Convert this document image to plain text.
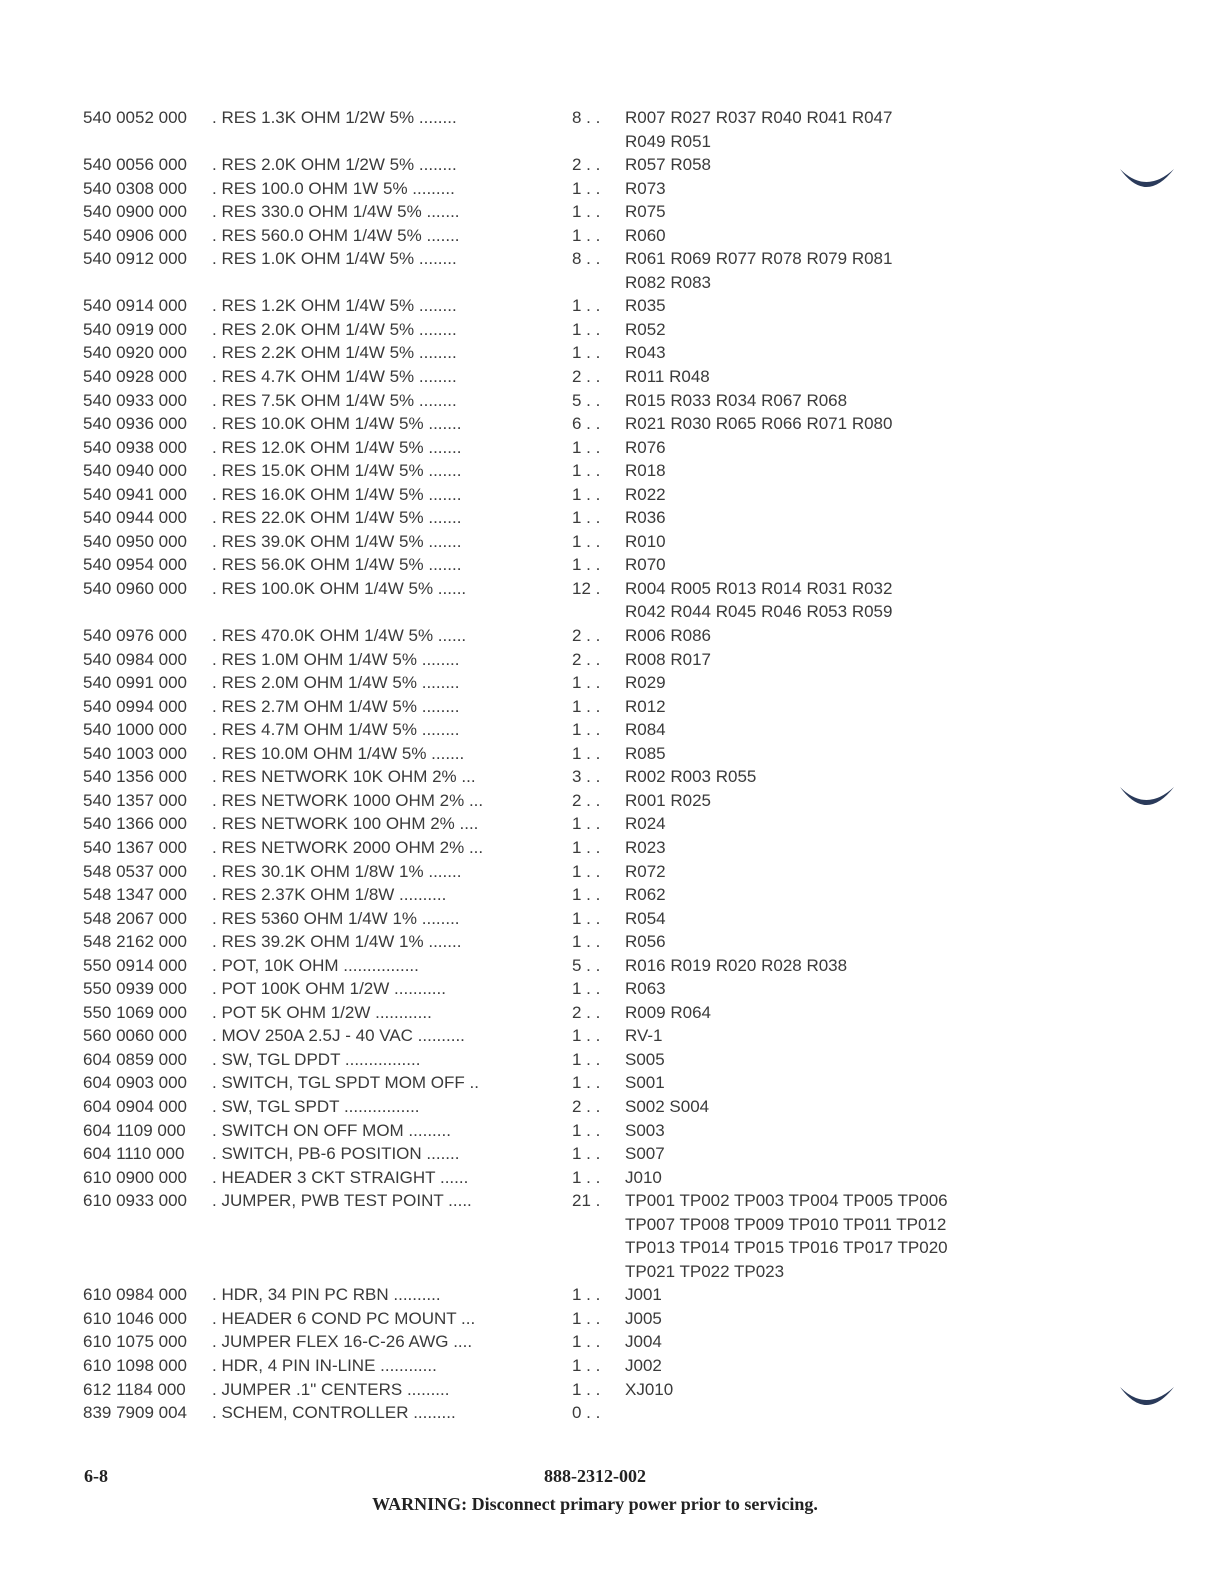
540 0052 000	. RES 1.3K OHM 1/2W 5% ........	8 . . R007 R027 R037 R040 R041 R047
R049 R051
540 0056 000	. RES 2.0K OHM 1/2W 5% ........	2 . . R057 R058
540 0308 000	. RES 100.0 OHM 1W 5% .........	1 . . R073
540 0900 000	. RES 330.0 OHM 1/4W 5% .......	1 . . R075
540 0906 000	. RES 560.0 OHM 1/4W 5% .......	1 . . R060
540 0912 000	. RES 1.0K OHM 1/4W 5% ........	8 . . R061 R069 R077 R078 R079 R081
R082 R083
540 0914 000	. RES 1.2K OHM 1/4W 5% ........	1 . . R035
540 0919 000	. RES 2.0K OHM 1/4W 5% ........	1 . . R052
540 0920 000	. RES 2.2K OHM 1/4W 5% ........	1 . . R043
540 0928 000	. RES 4.7K OHM 1/4W 5% ........	2 . . R011 R048
540 0933 000	. RES 7.5K OHM 1/4W 5% ........	5 . . R015 R033 R034 R067 R068
540 0936 000	. RES 10.0K OHM 1/4W 5% .......	6 . . R021 R030 R065 R066 R071 R080
540 0938 000	. RES 12.0K OHM 1/4W 5% .......	1 . . R076
540 0940 000	. RES 15.0K OHM 1/4W 5% .......	1 . . R018
540 0941 000	. RES 16.0K OHM 1/4W 5% .......	1 . . R022
540 0944 000	. RES 22.0K OHM 1/4W 5% .......	1 . . R036
540 0950 000	. RES 39.0K OHM 1/4W 5% .......	1 . . R010
540 0954 000	. RES 56.0K OHM 1/4W 5% .......	1 . . R070
540 0960 000	. RES 100.0K OHM 1/4W 5% ......	12 . R004 R005 R013 R014 R031 R032
R042 R044 R045 R046 R053 R059
540 0976 000	. RES 470.0K OHM 1/4W 5% ......	2 . . R006 R086
540 0984 000	. RES 1.0M OHM 1/4W 5% ........	2 . . R008 R017
540 0991 000	. RES 2.0M OHM 1/4W 5% ........	1 . . R029
540 0994 000	. RES 2.7M OHM 1/4W 5% ........	1 . . R012
540 1000 000	. RES 4.7M OHM 1/4W 5% ........	1 . . R084
540 1003 000	. RES 10.0M OHM 1/4W 5% .......	1 . . R085
540 1356 000	. RES NETWORK 10K OHM 2% ...	3 . . R002 R003 R055
540 1357 000	. RES NETWORK 1000 OHM 2% ...	2 . . R001 R025
540 1366 000	. RES NETWORK 100 OHM 2% ....	1 . . R024
540 1367 000	. RES NETWORK 2000 OHM 2% ...	1 . . R023
548 0537 000	. RES 30.1K OHM 1/8W 1% .......	1 . . R072
548 1347 000	. RES 2.37K OHM 1/8W ..........	1 . . R062
548 2067 000	. RES 5360 OHM 1/4W 1% ........	1 . . R054
548 2162 000	. RES 39.2K OHM 1/4W 1% .......	1 . . R056
550 0914 000	. POT, 10K OHM ................	5 . . R016 R019 R020 R028 R038
550 0939 000	. POT 100K OHM 1/2W ...........	1 . . R063
550 1069 000	. POT 5K OHM 1/2W ............	2 . . R009 R064
560 0060 000	. MOV 250A 2.5J - 40 VAC ..........	1 . . RV-1
604 0859 000	. SW, TGL DPDT ................	1 . . S005
604 0903 000	. SWITCH, TGL SPDT MOM OFF ..	1 . . S001
604 0904 000	. SW, TGL SPDT ................	2 . . S002 S004
604 1109 000	. SWITCH ON OFF MOM .........	1 . . S003
604 1110 000	. SWITCH, PB-6 POSITION .......	1 . . S007
610 0900 000	. HEADER 3 CKT STRAIGHT ......	1 . . J010
610 0933 000	. JUMPER, PWB TEST POINT .....	21 . TP001 TP002 TP003 TP004 TP005 TP006
TP007 TP008 TP009 TP010 TP011 TP012
TP013 TP014 TP015 TP016 TP017 TP020
TP021 TP022 TP023
610 0984 000	. HDR, 34 PIN PC RBN ..........	1 . . J001
610 1046 000	. HEADER 6 COND PC MOUNT ...	1 . . J005
610 1075 000	. JUMPER FLEX 16-C-26 AWG ....	1 . . J004
610 1098 000	. HDR, 4 PIN IN-LINE ............	1 . . J002
612 1184 000	. JUMPER .1" CENTERS .........	1 . . XJ010
839 7909 004	. SCHEM, CONTROLLER .........	0 . .
6-8	888-2312-002
WARNING: Disconnect primary power prior to servicing.
